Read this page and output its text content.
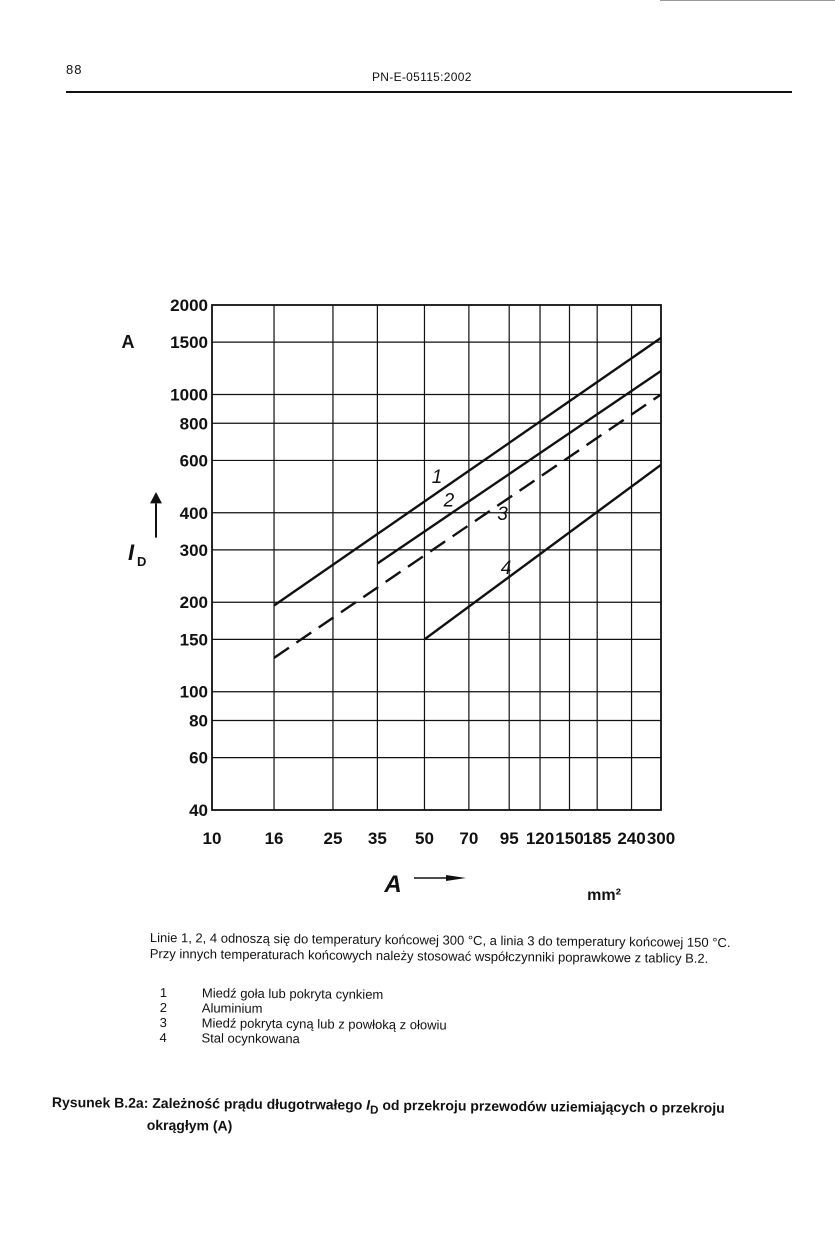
88	PN-E-05115:2002
10	16 25 35 50 70 95 120 150 185 240 300
40
60
80
100
150
200
300
400
600
800
1000
1500
2000
1
2
3
4
A
I D
A	mm²
Linie 1, 2, 4 odnoszą się do temperatury końcowej 300 °C, a linia 3 do temperatury końcowej 150 °C.
Przy innych temperaturach końcowych należy stosować współczynniki poprawkowe z tablicy B.2.
1	Miedź goła lub pokryta cynkiem
2	Aluminium
3	Miedź pokryta cyną lub z powłoką z ołowiu
4	Stal ocynkowana
Rysunek B.2a: Zależność prądu długotrwałego $I_D$ od przekroju przewodów uziemiających o przekroju
okrągłym (A)
